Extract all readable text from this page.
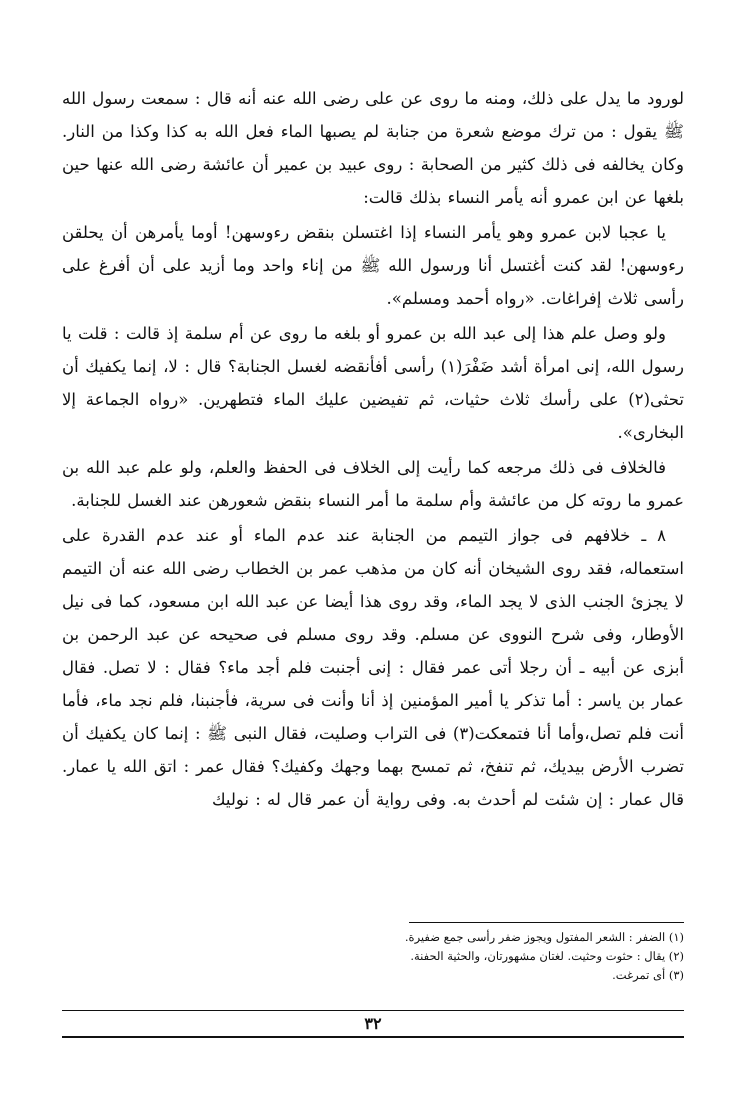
لورود ما يدل على ذلك، ومنه ما روى عن على رضى الله عنه أنه قال : سمعت رسول الله ﷺ يقول : من ترك موضع شعرة من جنابة لم يصبها الماء فعل الله به كذا وكذا من النار. وكان يخالفه فى ذلك كثير من الصحابة : روى عبيد بن عمير أن عائشة رضى الله عنها حين بلغها عن ابن عمرو أنه يأمر النساء بذلك قالت:

يا عجبا لابن عمرو وهو يأمر النساء إذا اغتسلن بنقض رءوسهن! أوما يأمرهن أن يحلقن رءوسهن! لقد كنت أغتسل أنا ورسول الله ﷺ من إناء واحد وما أزيد على أن أفرغ على رأسى ثلاث إفراغات. «رواه أحمد ومسلم».

ولو وصل علم هذا إلى عبد الله بن عمرو أو بلغه ما روى عن أم سلمة إذ قالت : قلت يا رسول الله، إنى امرأة أشد ضَفْرَ(١) رأسى أفأنقضه لغسل الجنابة؟ قال : لا، إنما يكفيك أن تحثى(٢) على رأسك ثلاث حثيات، ثم تفيضين عليك الماء فتطهرين. «رواه الجماعة إلا البخارى».

فالخلاف فى ذلك مرجعه كما رأيت إلى الخلاف فى الحفظ والعلم، ولو علم عبد الله بن عمرو ما روته كل من عائشة وأم سلمة ما أمر النساء بنقض شعورهن عند الغسل للجنابة.

٨ ـ خلافهم فى جواز التيمم من الجنابة عند عدم الماء أو عند عدم القدرة على استعماله، فقد روى الشيخان أنه كان من مذهب عمر بن الخطاب رضى الله عنه أن التيمم لا يجزئ الجنب الذى لا يجد الماء، وقد روى هذا أيضا عن عبد الله ابن مسعود، كما فى نيل الأوطار، وفى شرح النووى عن مسلم. وقد روى مسلم فى صحيحه عن عبد الرحمن بن أبزى عن أبيه ـ أن رجلا أتى عمر فقال : إنى أجنبت فلم أجد ماء؟ فقال : لا تصل. فقال عمار بن ياسر : أما تذكر يا أمير المؤمنين إذ أنا وأنت فى سرية، فأجنبنا، فلم نجد ماء، فأما أنت فلم تصل،وأما أنا فتمعكت(٣) فى التراب وصليت، فقال النبى ﷺ : إنما كان يكفيك أن تضرب الأرض بيديك، ثم تنفخ، ثم تمسح بهما وجهك وكفيك؟ فقال عمر : اتق الله يا عمار. قال عمار : إن شئت لم أحدث به. وفى رواية أن عمر قال له : نوليك

(١) الضفر : الشعر المفتول ويجوز ضفر رأسى جمع ضفيرة.
(٢) يقال : حثوت وحثيت. لغتان مشهورتان، والحثية الحفنة.
(٣) أى تمرغت.
٣٢
